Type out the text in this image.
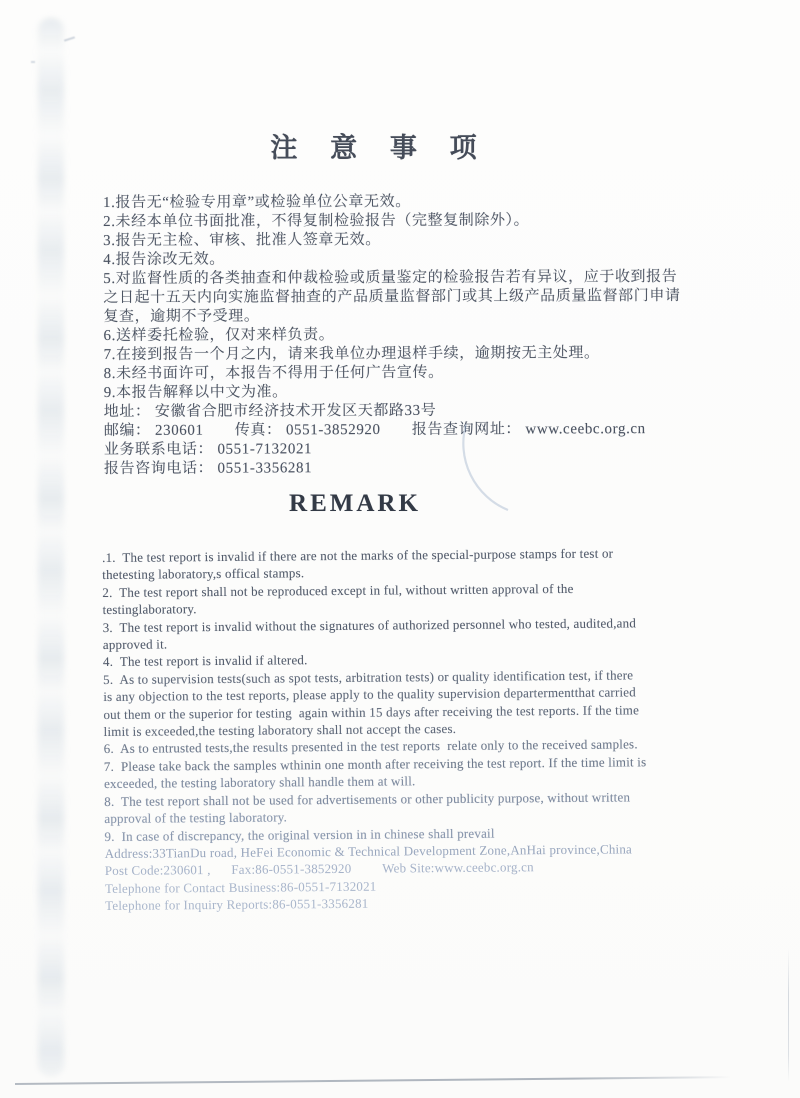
注 意 事 项
1.报告无“检验专用章”或检验单位公章无效。
2.未经本单位书面批准，不得复制检验报告（完整复制除外）。
3.报告无主检、审核、批准人签章无效。
4.报告涂改无效。
5.对监督性质的各类抽查和仲裁检验或质量鉴定的检验报告若有异议，应于收到报告
之日起十五天内向实施监督抽查的产品质量监督部门或其上级产品质量监督部门申请
复查，逾期不予受理。
6.送样委托检验，仅对来样负责。
7.在接到报告一个月之内，请来我单位办理退样手续，逾期按无主处理。
8.未经书面许可，本报告不得用于任何广告宣传。
9.本报告解释以中文为准。
地址： 安徽省合肥市经济技术开发区天都路33号
邮编： 230601　　传真： 0551-3852920　　报告查询网址： www.ceebc.org.cn
业务联系电话： 0551-7132021
报告咨询电话： 0551-3356281
REMARK
.1.  The test report is invalid if there are not the marks of the special-purpose stamps for test or
thetesting laboratory,s offical stamps.
2.  The test report shall not be reproduced except in ful, without written approval of the
testinglaboratory.
3.  The test report is invalid without the signatures of authorized personnel who tested, audited,and
approved it.
4.  The test report is invalid if altered.
5.  As to supervision tests(such as spot tests, arbitration tests) or quality identification test, if there
is any objection to the test reports, please apply to the quality supervision departermentthat carried
out them or the superior for testing  again within 15 days after receiving the test reports. If the time
limit is exceeded,the testing laboratory shall not accept the cases.
6.  As to entrusted tests,the results presented in the test reports  relate only to the received samples.
7.  Please take back the samples wthinin one month after receiving the test report. If the time limit is
exceeded, the testing laboratory shall handle them at will.
8.  The test report shall not be used for advertisements or other publicity purpose, without written
approval of the testing laboratory.
9.  In case of discrepancy, the original version in in chinese shall prevail
Address:33TianDu road, HeFei Economic & Technical Development Zone,AnHai province,China
Post Code:230601 ,      Fax:86-0551-3852920         Web Site:www.ceebc.org.cn
Telephone for Contact Business:86-0551-7132021
Telephone for Inquiry Reports:86-0551-3356281
